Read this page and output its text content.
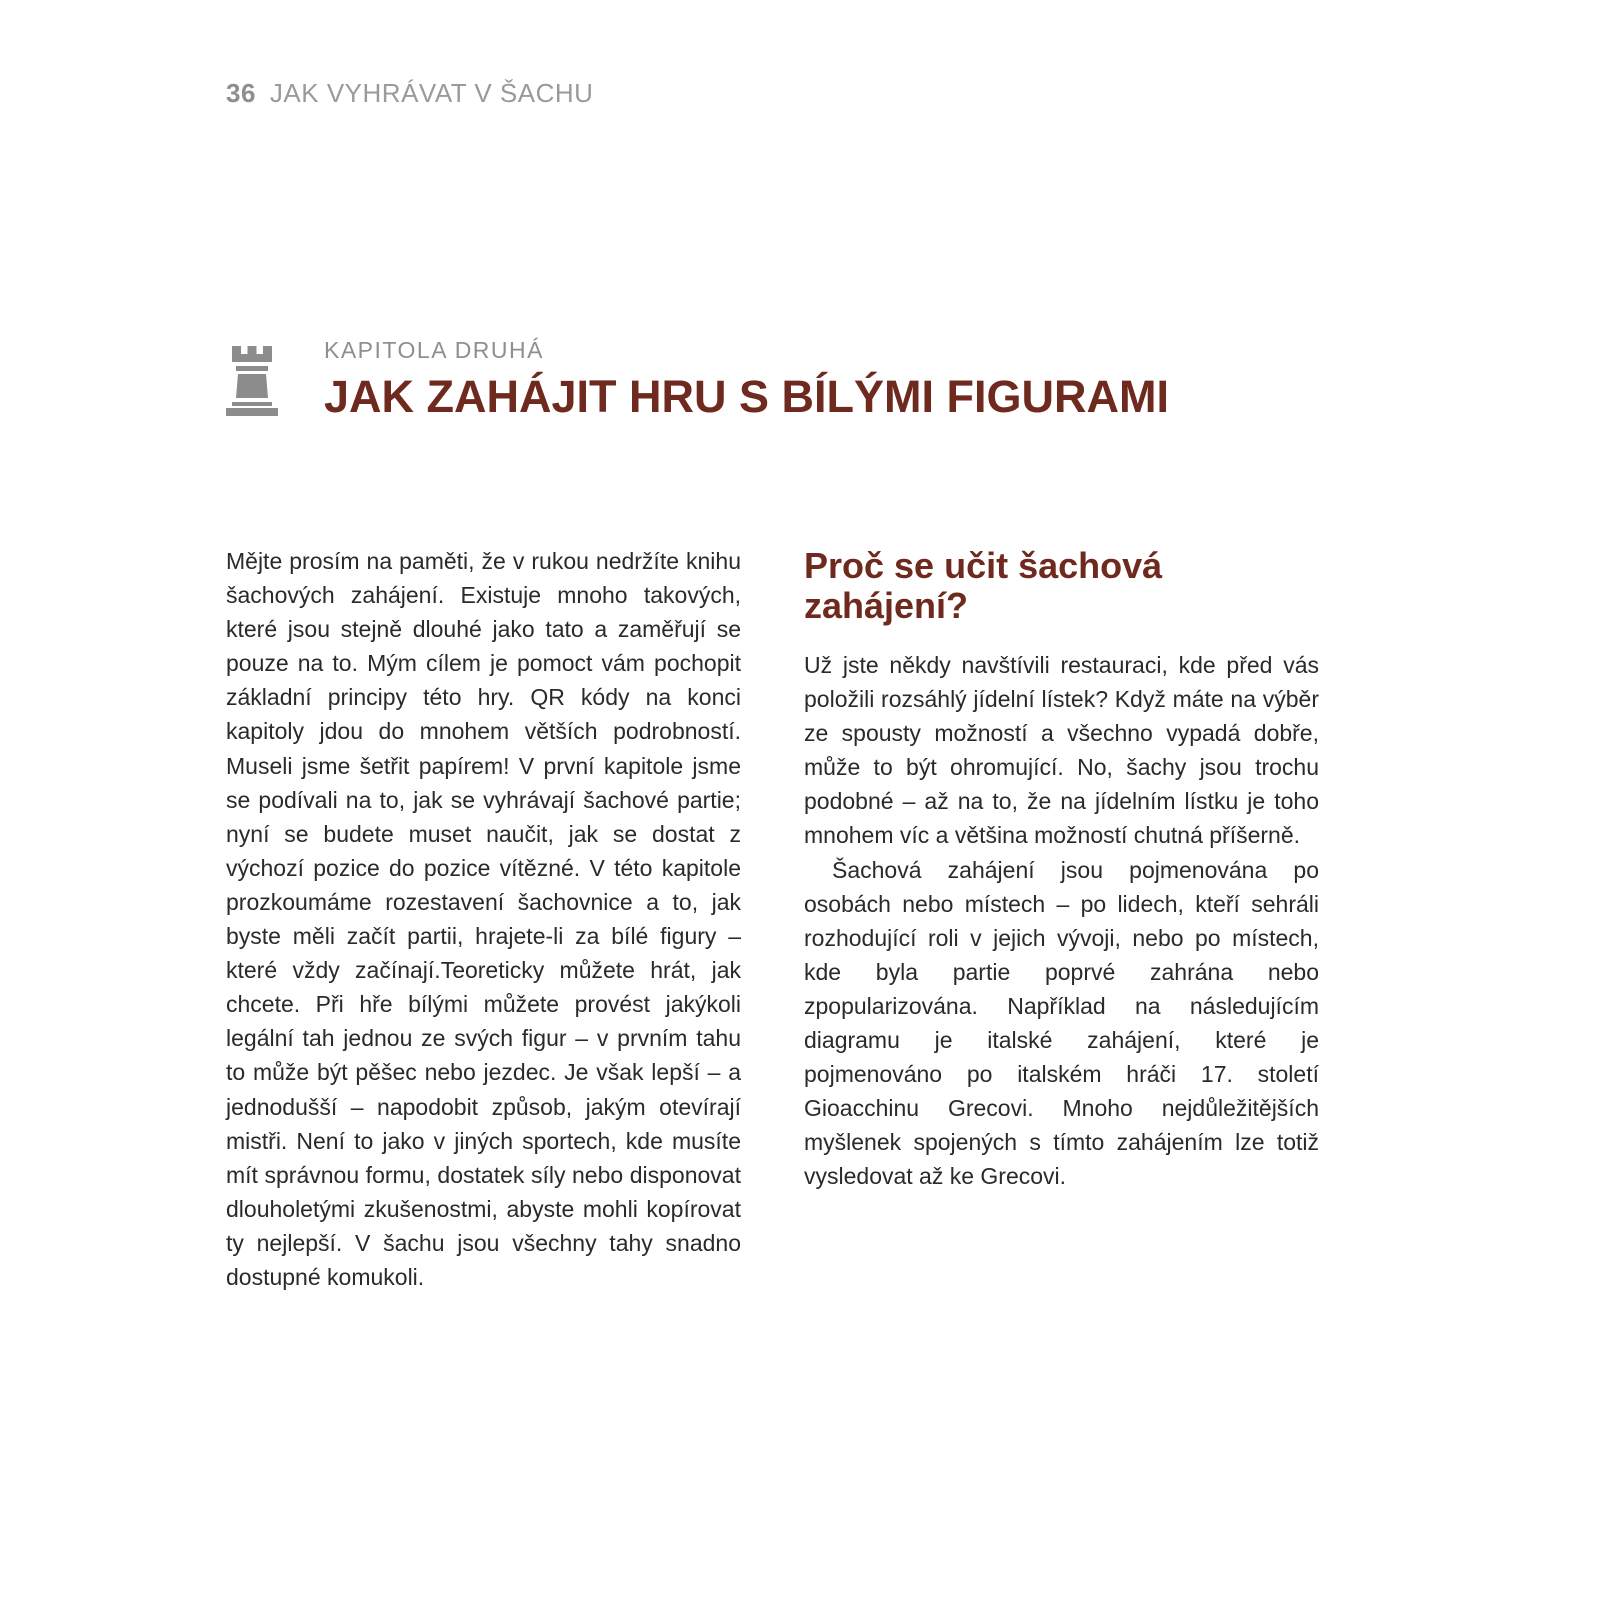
36 JAK VYHRÁVAT V ŠACHU
KAPITOLA DRUHÁ
JAK ZAHÁJIT HRU S BÍLÝMI FIGURAMI

Mějte prosím na paměti, že v rukou nedržíte knihu šachových zahájení. Existuje mnoho takových, které jsou stejně dlouhé jako tato a zaměřují se pouze na to. Mým cílem je pomoct vám pochopit základní principy této hry. QR kódy na konci kapitoly jdou do mnohem větších podrobností. Museli jsme šetřit papírem! V první kapitole jsme se podívali na to, jak se vyhrávají šachové partie; nyní se budete muset naučit, jak se dostat z výchozí pozice do pozice vítězné. V této kapitole prozkoumáme rozestavení šachovnice a to, jak byste měli začít partii, hrajete-li za bílé figury – které vždy začínají.Teoreticky můžete hrát, jak chcete. Při hře bílými můžete provést jakýkoli legální tah jednou ze svých figur – v prvním tahu to může být pěšec nebo jezdec. Je však lepší – a jednodušší – napodobit způsob, jakým otevírají mistři. Není to jako v jiných sportech, kde musíte mít správnou formu, dostatek síly nebo disponovat dlouholetými zkušenostmi, abyste mohli kopírovat ty nejlepší. V šachu jsou všechny tahy snadno dostupné komukoli.

Proč se učit šachová zahájení?

Už jste někdy navštívili restauraci, kde před vás položili rozsáhlý jídelní lístek? Když máte na výběr ze spousty možností a všechno vypadá dobře, může to být ohromující. No, šachy jsou trochu podobné – až na to, že na jídelním lístku je toho mnohem víc a většina možností chutná příšerně.

Šachová zahájení jsou pojmenována po osobách nebo místech – po lidech, kteří sehráli rozhodující roli v jejich vývoji, nebo po místech, kde byla partie poprvé zahrána nebo zpopularizována. Například na následujícím diagramu je italské zahájení, které je pojmenováno po italském hráči 17. století Gioacchinu Grecovi. Mnoho nejdůležitějších myšlenek spojených s tímto zahájením lze totiž vysledovat až ke Grecovi.
